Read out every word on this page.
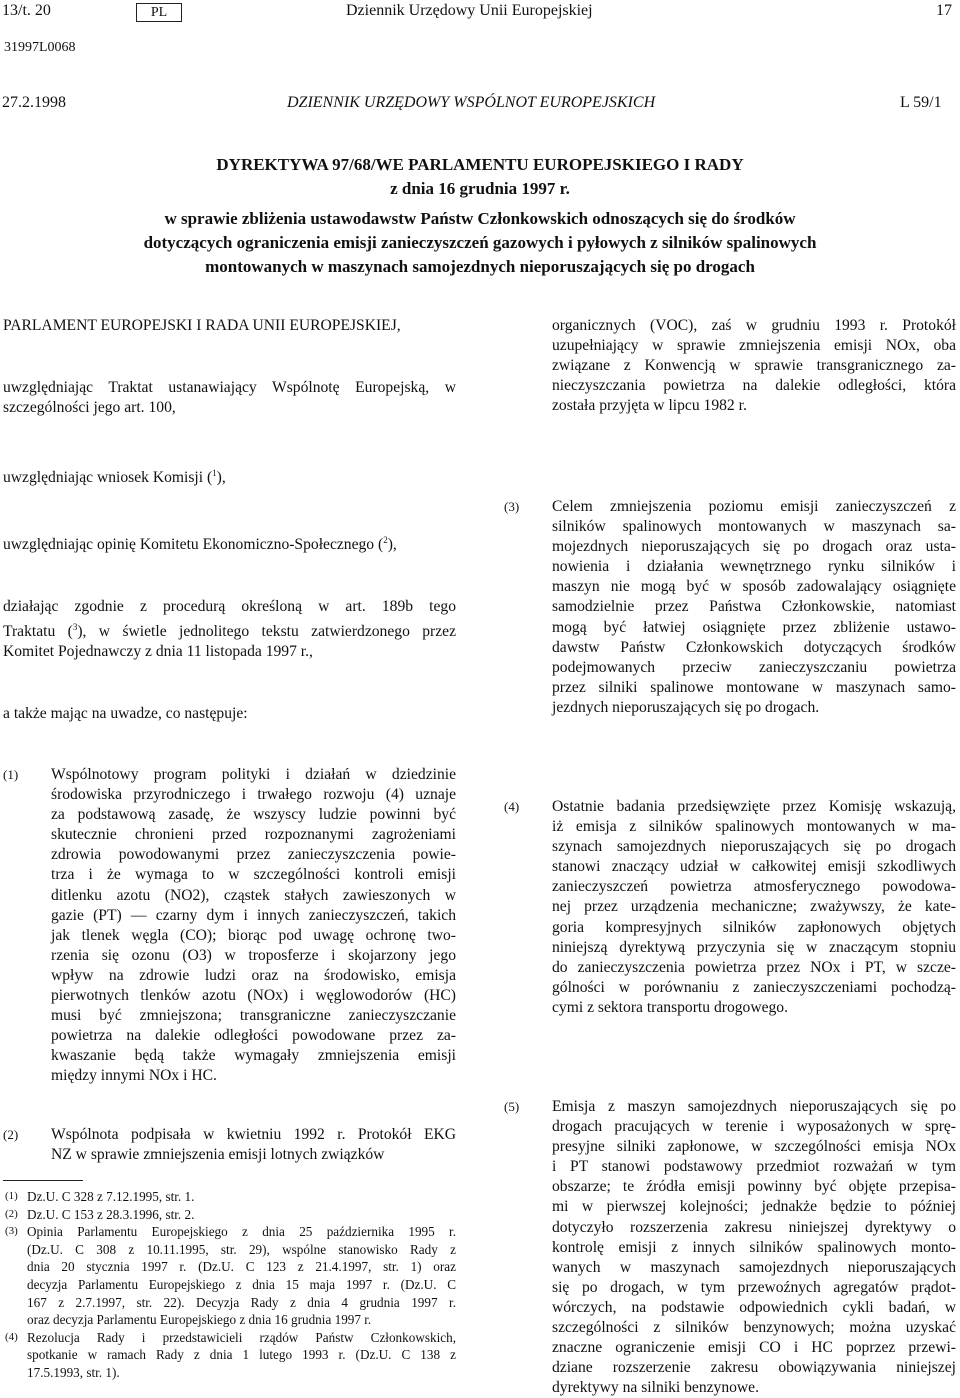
13/t. 20	PL	Dziennik Urzędowy Unii Europejskiej	17
31997L0068
27.2.1998	DZIENNIK URZĘDOWY WSPÓLNOT EUROPEJSKICH	L 59/1
DYREKTYWA 97/68/WE PARLAMENTU EUROPEJSKIEGO I RADY
z dnia 16 grudnia 1997 r.
w sprawie zbliżenia ustawodawstw Państw Członkowskich odnoszących się do środków
dotyczących ograniczenia emisji zanieczyszczeń gazowych i pyłowych z silników spalinowych
montowanych w maszynach samojezdnych nieporuszających się po drogach

PARLAMENT EUROPEJSKI I RADA UNII EUROPEJSKIEJ,

uwzględniając Traktat ustanawiający Wspólnotę Europejską, w
szczególności jego art. 100,
uwzględniając wniosek Komisji ($^1$),
uwzględniając opinię Komitetu Ekonomiczno-Społecznego ($^2$),
działając zgodnie z procedurą określoną w art. 189b tego
Traktatu ($^3$), w świetle jednolitego tekstu zatwierdzonego przez
Komitet Pojednawczy z dnia 11 listopada 1997 r.,
a także mając na uwadze, co następuje:
(1) Wspólnotowy program polityki i działań w dziedzinie
środowiska przyrodniczego i trwałego rozwoju (4) uznaje
za podstawową zasadę, że wszyscy ludzie powinni być
skutecznie chronieni przed rozpoznanymi zagrożeniami
zdrowia powodowanymi przez zanieczyszczenia powie-
trza i że wymaga to w szczególności kontroli emisji
ditlenku azotu (NO2), cząstek stałych zawieszonych w
gazie (PT) — czarny dym i innych zanieczyszczeń, takich
jak tlenek węgla (CO); biorąc pod uwagę ochronę two-
rzenia się ozonu (O3) w troposferze i skojarzony jego
wpływ na zdrowie ludzi oraz na środowisko, emisja
pierwotnych tlenków azotu (NOx) i węglowodorów (HC)
musi być zmniejszona; transgraniczne zanieczyszczanie
powietrza na dalekie odległości powodowane przez za-
kwaszanie będą także wymagały zmniejszenia emisji
między innymi NOx i HC.
(2) Wspólnota podpisała w kwietniu 1992 r. Protokół EKG
NZ w sprawie zmniejszenia emisji lotnych związków
(1) Dz.U. C 328 z 7.12.1995, str. 1.
(2) Dz.U. C 153 z 28.3.1996, str. 2.
(3) Opinia Parlamentu Europejskiego z dnia 25 października 1995 r.
(Dz.U. C 308 z 10.11.1995, str. 29), wspólne stanowisko Rady z
dnia 20 stycznia 1997 r. (Dz.U. C 123 z 21.4.1997, str. 1) oraz
decyzja Parlamentu Europejskiego z dnia 15 maja 1997 r. (Dz.U. C
167 z 2.7.1997, str. 22). Decyzja Rady z dnia 4 grudnia 1997 r.
oraz decyzja Parlamentu Europejskiego z dnia 16 grudnia 1997 r.
(4) Rezolucja Rady i przedstawicieli rządów Państw Członkowskich,
spotkanie w ramach Rady z dnia 1 lutego 1993 r. (Dz.U. C 138 z
17.5.1993, str. 1).
organicznych (VOC), zaś w grudniu 1993 r. Protokół
uzupełniający w sprawie zmniejszenia emisji NOx, oba
związane z Konwencją w sprawie transgranicznego za-
nieczyszczania powietrza na dalekie odległości, która
została przyjęta w lipcu 1982 r.
(3) Celem zmniejszenia poziomu emisji zanieczyszczeń z
silników spalinowych montowanych w maszynach sa-
mojezdnych nieporuszających się po drogach oraz usta-
nowienia i działania wewnętrznego rynku silników i
maszyn nie mogą być w sposób zadowalający osiągnięte
samodzielnie przez Państwa Członkowskie, natomiast
mogą być łatwiej osiągnięte przez zbliżenie ustawo-
dawstw Państw Członkowskich dotyczących środków
podejmowanych przeciw zanieczyszczaniu powietrza
przez silniki spalinowe montowane w maszynach samo-
jezdnych nieporuszających się po drogach.
(4) Ostatnie badania przedsięwzięte przez Komisję wskazują,
iż emisja z silników spalinowych montowanych w ma-
szynach samojezdnych nieporuszających się po drogach
stanowi znaczący udział w całkowitej emisji szkodliwych
zanieczyszczeń powietrza atmosferycznego powodowa-
nej przez urządzenia mechaniczne; zważywszy, że kate-
goria kompresyjnych silników zapłonowych objętych
niniejszą dyrektywą przyczynia się w znaczącym stopniu
do zanieczyszczenia powietrza przez NOx i PT, w szcze-
gólności w porównaniu z zanieczyszczeniami pochodzą-
cymi z sektora transportu drogowego.
(5) Emisja z maszyn samojezdnych nieporuszających się po
drogach pracujących w terenie i wyposażonych w sprę-
presyjne silniki zapłonowe, w szczególności emisja NOx
i PT stanowi podstawowy przedmiot rozważań w tym
obszarze; te źródła emisji powinny być objęte przepisa-
mi w pierwszej kolejności; jednakże będzie to później
dotyczyło rozszerzenia zakresu niniejszej dyrektywy o
kontrolę emisji z innych silników spalinowych monto-
wanych w maszynach samojezdnych nieporuszających
się po drogach, w tym przewoźnych agregatów prądot-
wórczych, na podstawie odpowiednich cykli badań, w
szczególności z silników benzynowych; można uzyskać
znaczne ograniczenie emisji CO i HC poprzez przewi-
dziane rozszerzenie zakresu obowiązywania niniejszej
dyrektywy na silniki benzynowe.
